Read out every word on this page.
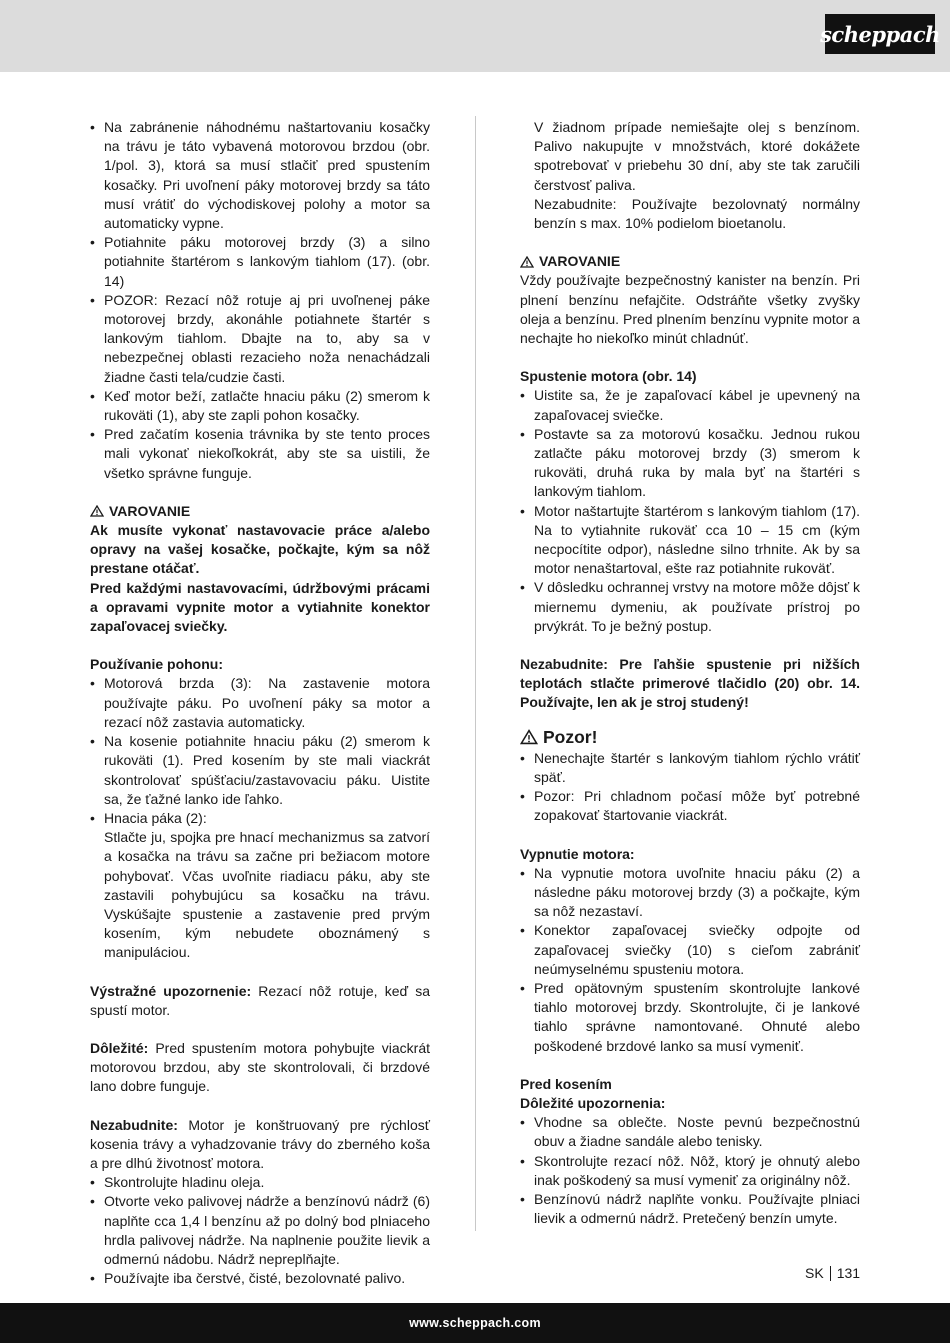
scheppach
• Na zabránenie náhodnému naštartovaniu kosačky na trávu je táto vybavená motorovou brzdou (obr. 1/pol. 3), ktorá sa musí stlačiť pred spustením kosačky. Pri uvoľnení páky motorovej brzdy sa táto musí vrátiť do východiskovej polohy a motor sa automaticky vypne.
• Potiahnite páku motorovej brzdy (3) a silno potiahnite štartérom s lankovým tiahlom (17). (obr. 14)
• POZOR: Rezací nôž rotuje aj pri uvoľnenej páke motorovej brzdy, akonáhle potiahnete štartér s lankovým tiahlom. Dbajte na to, aby sa v nebezpečnej oblasti rezacieho noža nenachádzali žiadne časti tela/cudzie časti.
• Keď motor beží, zatlačte hnaciu páku (2) smerom k rukoväti (1), aby ste zapli pohon kosačky.
• Pred začatím kosenia trávnika by ste tento proces mali vykonať niekoľkokrát, aby ste sa uistili, že všetko správne funguje.
VAROVANIE

Ak musíte vykonať nastavovacie práce a/alebo opravy na vašej kosačke, počkajte, kým sa nôž prestane otáčať.

Pred každými nastavovacími, údržbovými prácami a opravami vypnite motor a vytiahnite konektor zapaľovacej sviečky.

Používanie pohonu:

• Motorová brzda (3): Na zastavenie motora používajte páku. Po uvoľnení páky sa motor a rezací nôž zastavia automaticky.
• Na kosenie potiahnite hnaciu páku (2) smerom k rukoväti (1). Pred kosením by ste mali viackrát skontrolovať spúšťaciu/zastavovaciu páku. Uistite sa, že ťažné lanko ide ľahko.
• Hnacia páka (2):
Stlačte ju, spojka pre hnací mechanizmus sa zatvorí a kosačka na trávu sa začne pri bežiacom motore pohybovať. Včas uvoľnite riadiacu páku, aby ste zastavili pohybujúcu sa kosačku na trávu. Vyskúšajte spustenie a zastavenie pred prvým kosením, kým nebudete oboznámený s manipuláciou.

Výstražné upozornenie: Rezací nôž rotuje, keď sa spustí motor.

Dôležité: Pred spustením motora pohybujte viackrát motorovou brzdou, aby ste skontrolovali, či brzdové lano dobre funguje.

Nezabudnite: Motor je konštruovaný pre rýchlosť kosenia trávy a vyhadzovanie trávy do zberného koša a pre dlhú životnosť motora.

• Skontrolujte hladinu oleja.
• Otvorte veko palivovej nádrže a benzínovú nádrž (6) naplňte cca 1,4 l benzínu až po dolný bod plniaceho hrdla palivovej nádrže. Na naplnenie použite lievik a odmernú nádobu. Nádrž nepreplňajte.
• Používajte iba čerstvé, čisté, bezolovnaté palivo.

V žiadnom prípade nemiešajte olej s benzínom. Palivo nakupujte v množstvách, ktoré dokážete spotrebovať v priebehu 30 dní, aby ste tak zaručili čerstvosť paliva.

Nezabudnite: Používajte bezolovnatý normálny benzín s max. 10% podielom bioetanolu.

VAROVANIE

Vždy používajte bezpečnostný kanister na benzín. Pri plnení benzínu nefajčite. Odstráňte všetky zvyšky oleja a benzínu. Pred plnením benzínu vypnite motor a nechajte ho niekoľko minút chladnúť.

Spustenie motora (obr. 14)

• Uistite sa, že je zapaľovací kábel je upevnený na zapaľovacej sviečke.
• Postavte sa za motorovú kosačku. Jednou rukou zatlačte páku motorovej brzdy (3) smerom k rukoväti, druhá ruka by mala byť na štartéri s lankovým tiahlom.
• Motor naštartujte štartérom s lankovým tiahlom (17). Na to vytiahnite rukoväť cca 10 – 15 cm (kým necpocítite odpor), následne silno trhnite. Ak by sa motor nenaštartoval, ešte raz potiahnite rukoväť.
• V dôsledku ochrannej vrstvy na motore môže dôjsť k miernemu dymeniu, ak používate prístroj po prvýkrát. To je bežný postup.

Nezabudnite: Pre ľahšie spustenie pri nižších teplotách stlačte primerové tlačidlo (20) obr. 14. Používajte, len ak je stroj studený!

Pozor!
• Nenechajte štartér s lankovým tiahlom rýchlo vrátiť späť.
• Pozor: Pri chladnom počasí môže byť potrebné zopakovať štartovanie viackrát.

Vypnutie motora:

• Na vypnutie motora uvoľnite hnaciu páku (2) a následne páku motorovej brzdy (3) a počkajte, kým sa nôž nezastaví.
• Konektor zapaľovacej sviečky odpojte od zapaľovacej sviečky (10) s cieľom zabrániť neúmyselnému spusteniu motora.
• Pred opätovným spustením skontrolujte lankové tiahlo motorovej brzdy. Skontrolujte, či je lankové tiahlo správne namontované. Ohnuté alebo poškodené brzdové lanko sa musí vymeniť.

Pred kosením

Dôležité upozornenia:

• Vhodne sa oblečte. Noste pevnú bezpečnostnú obuv a žiadne sandále alebo tenisky.
• Skontrolujte rezací nôž. Nôž, ktorý je ohnutý alebo inak poškodený sa musí vymeniť za originálny nôž.
• Benzínovú nádrž naplňte vonku. Používajte plniaci lievik a odmernú nádrž. Pretečený benzín umyte.
SK 131
www.scheppach.com
